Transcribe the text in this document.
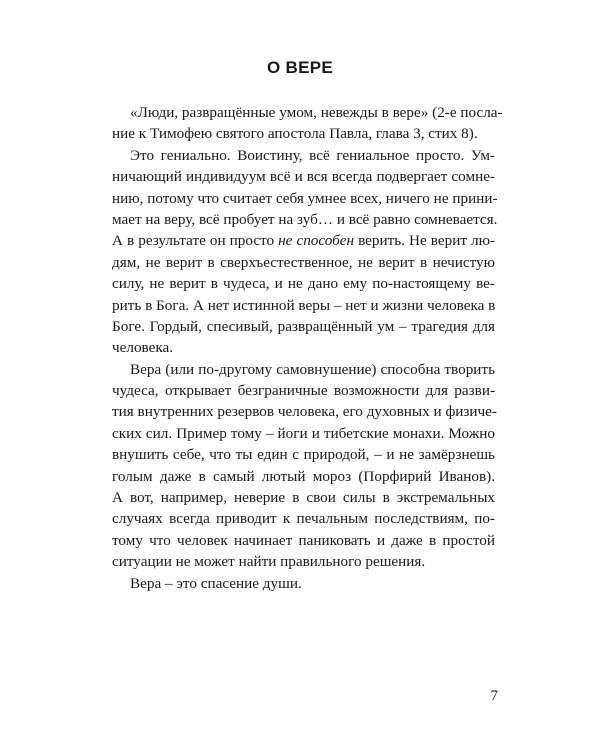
О ВЕРЕ
«Люди, развращённые умом, невежды в вере» (2-е посла-
ние к Тимофею святого апостола Павла, глава 3, стих 8).
Это гениально. Воистину, всё гениальное просто. Ум-
ничающий индивидуум всё и вся всегда подвергает сомне-
нию, потому что считает себя умнее всех, ничего не прини-
мает на веру, всё пробует на зуб… и всё равно сомневается.
А в результате он просто не способен верить. Не верит лю-
дям, не верит в сверхъестественное, не верит в нечистую
силу, не верит в чудеса, и не дано ему по-настоящему ве-
рить в Бога. А нет истинной веры – нет и жизни человека в
Боге. Гордый, спесивый, развращённый ум – трагедия для
человека.
Вера (или по-другому самовнушение) способна творить
чудеса, открывает безграничные возможности для разви-
тия внутренних резервов человека, его духовных и физиче-
ских сил. Пример тому – йоги и тибетские монахи. Можно
внушить себе, что ты един с природой, – и не замёрзнешь
голым даже в самый лютый мороз (Порфирий Иванов).
А вот, например, неверие в свои силы в экстремальных
случаях всегда приводит к печальным последствиям, по-
тому что человек начинает паниковать и даже в простой
ситуации не может найти правильного решения.
Вера – это спасение души.
7
